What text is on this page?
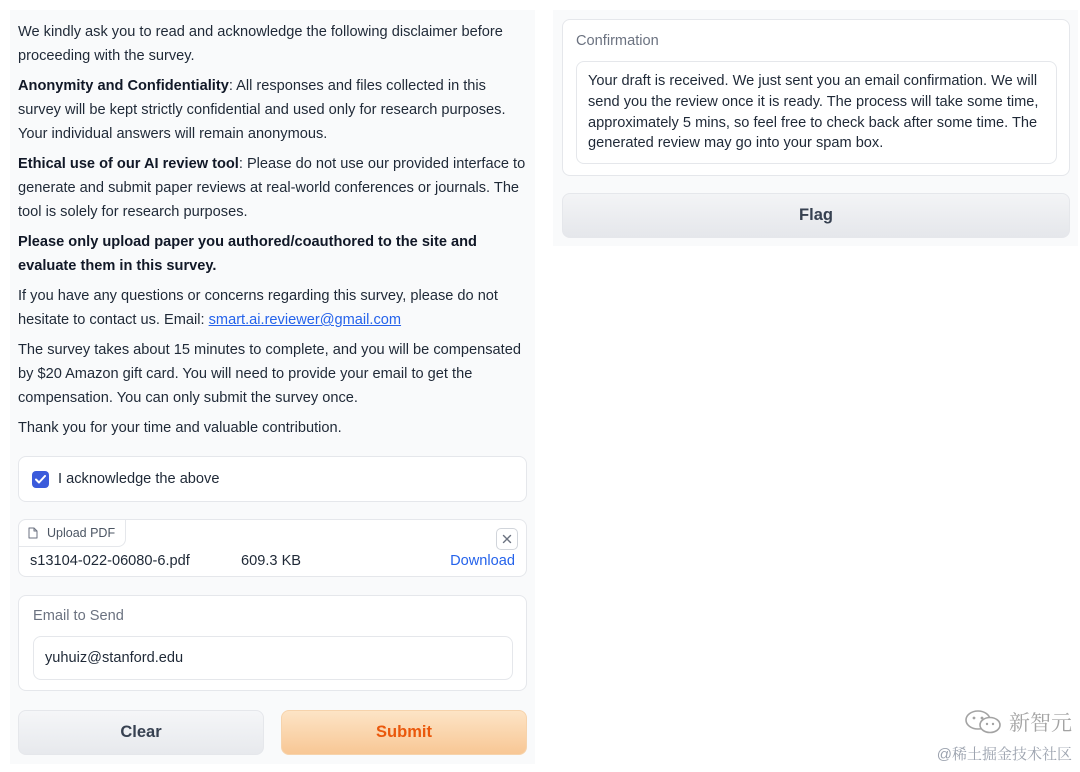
We kindly ask you to read and acknowledge the following disclaimer before proceeding with the survey.

Anonymity and Confidentiality: All responses and files collected in this survey will be kept strictly confidential and used only for research purposes. Your individual answers will remain anonymous.

Ethical use of our AI review tool: Please do not use our provided interface to generate and submit paper reviews at real-world conferences or journals. The tool is solely for research purposes.

Please only upload paper you authored/coauthored to the site and evaluate them in this survey.

If you have any questions or concerns regarding this survey, please do not hesitate to contact us. Email: smart.ai.reviewer@gmail.com

The survey takes about 15 minutes to complete, and you will be compensated by $20 Amazon gift card. You will need to provide your email to get the compensation. You can only submit the survey once.

Thank you for your time and valuable contribution.

I acknowledge the above
Upload PDF
s13104-022-06080-6.pdf	609.3 KB	Download
Email to Send
yuhuiz@stanford.edu
Clear	Submit
Confirmation
Your draft is received. We just sent you an email confirmation. We will send you the review once it is ready. The process will take some time, approximately 5 mins, so feel free to check back after some time. The generated review may go into your spam box.
Flag
新智元
@稀土掘金技术社区
